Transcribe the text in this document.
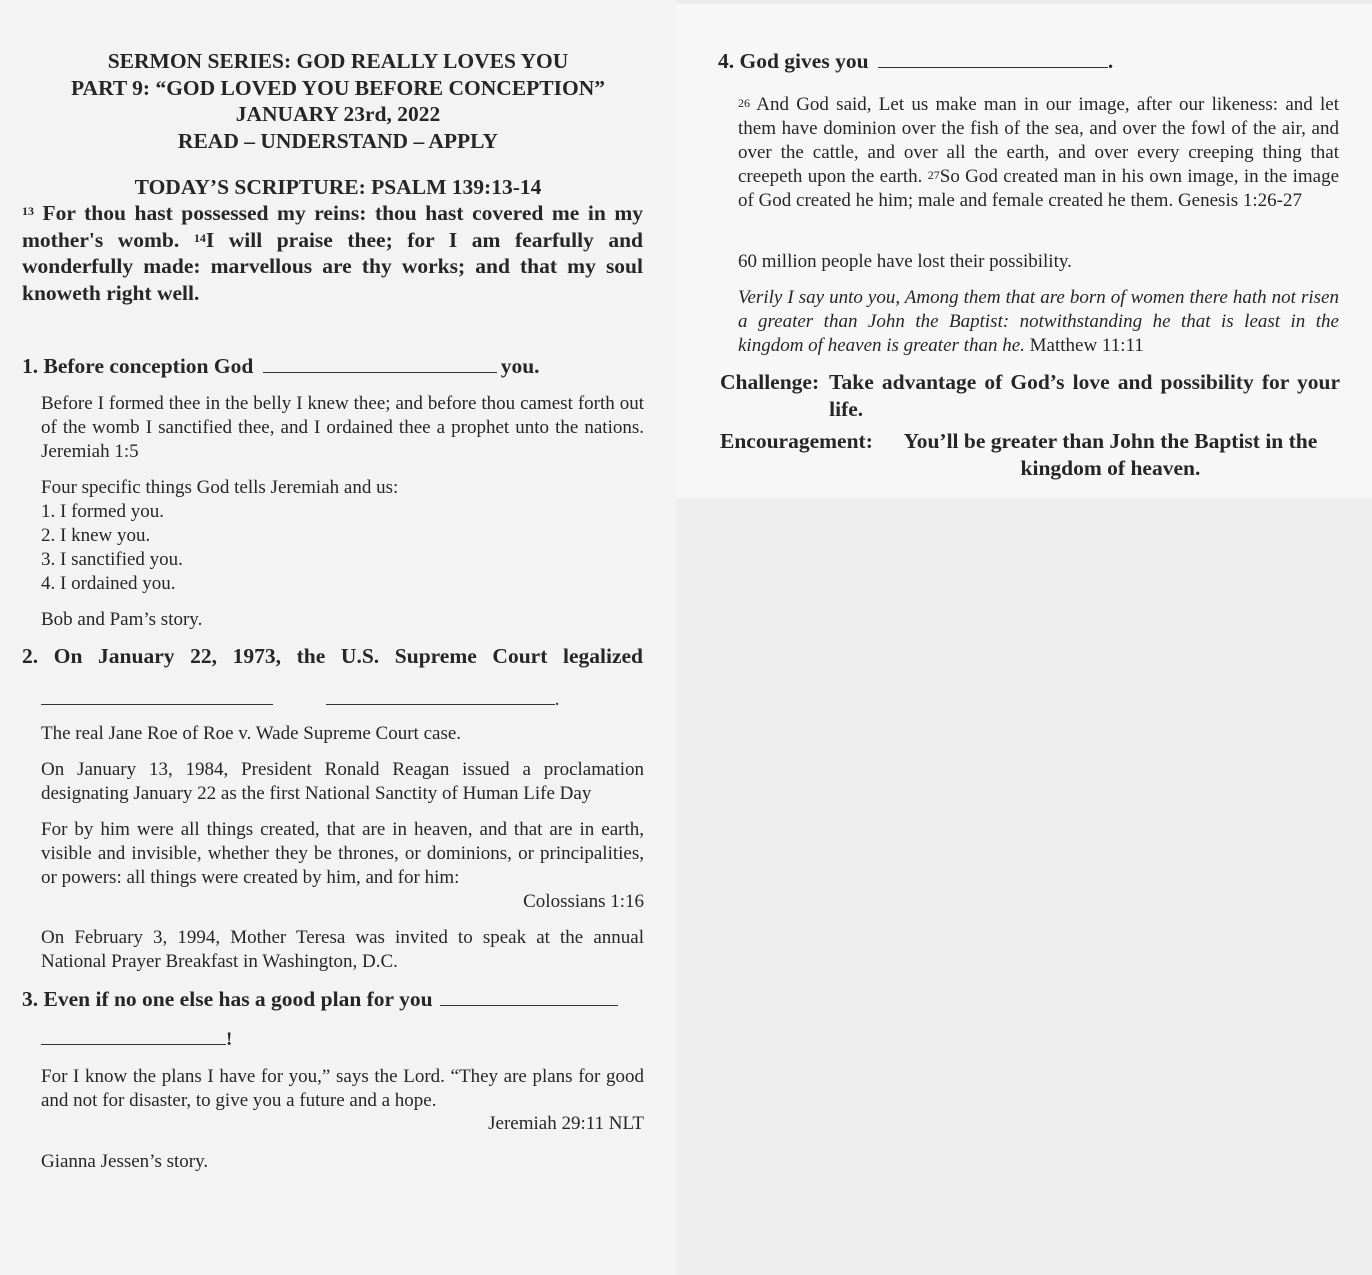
SERMON SERIES: GOD REALLY LOVES YOU
PART 9: “GOD LOVED YOU BEFORE CONCEPTION”
JANUARY 23rd, 2022
READ – UNDERSTAND – APPLY
TODAY’S SCRIPTURE: PSALM 139:13-14
$^{13}$ For thou hast possessed my reins: thou hast covered me in my mother's womb. $^{14}$I will praise thee; for I am fearfully and wonderfully made: marvellous are thy works; and that my soul knoweth right well.
1. Before conception God	you.
Before I formed thee in the belly I knew thee; and before thou camest forth out of the womb I sanctified thee, and I ordained thee a prophet unto the nations. Jeremiah 1:5
Four specific things God tells Jeremiah and us:
1. I formed you.
2. I knew you.
3. I sanctified you.
4. I ordained you.
Bob and Pam’s story.
2. On January 22, 1973, the U.S. Supreme Court legalized
.
The real Jane Roe of Roe v. Wade Supreme Court case.
On January 13, 1984, President Ronald Reagan issued a proclamation designating January 22 as the first National Sanctity of Human Life Day
For by him were all things created, that are in heaven, and that are in earth, visible and invisible, whether they be thrones, or dominions, or principalities, or powers: all things were created by him, and for him:
Colossians 1:16
On February 3, 1994, Mother Teresa was invited to speak at the annual National Prayer Breakfast in Washington, D.C.
3. Even if no one else has a good plan for you
!
For I know the plans I have for you,” says the Lord. “They are plans for good and not for disaster, to give you a future and a hope.
Jeremiah 29:11 NLT
Gianna Jessen’s story.
4. God gives you	.
$^{26}$ And God said, Let us make man in our image, after our likeness: and let them have dominion over the fish of the sea, and over the fowl of the air, and over the cattle, and over all the earth, and over every creeping thing that creepeth upon the earth. $^{27}$So God created man in his own image, in the image of God created he him; male and female created he them. Genesis 1:26-27
60 million people have lost their possibility.
Verily I say unto you, Among them that are born of women there hath not risen a greater than John the Baptist: notwithstanding he that is least in the kingdom of heaven is greater than he. Matthew 11:11
Challenge: Take advantage of God’s love and possibility for your life.
Encouragement:	You’ll be greater than John the Baptist in the kingdom of heaven.
